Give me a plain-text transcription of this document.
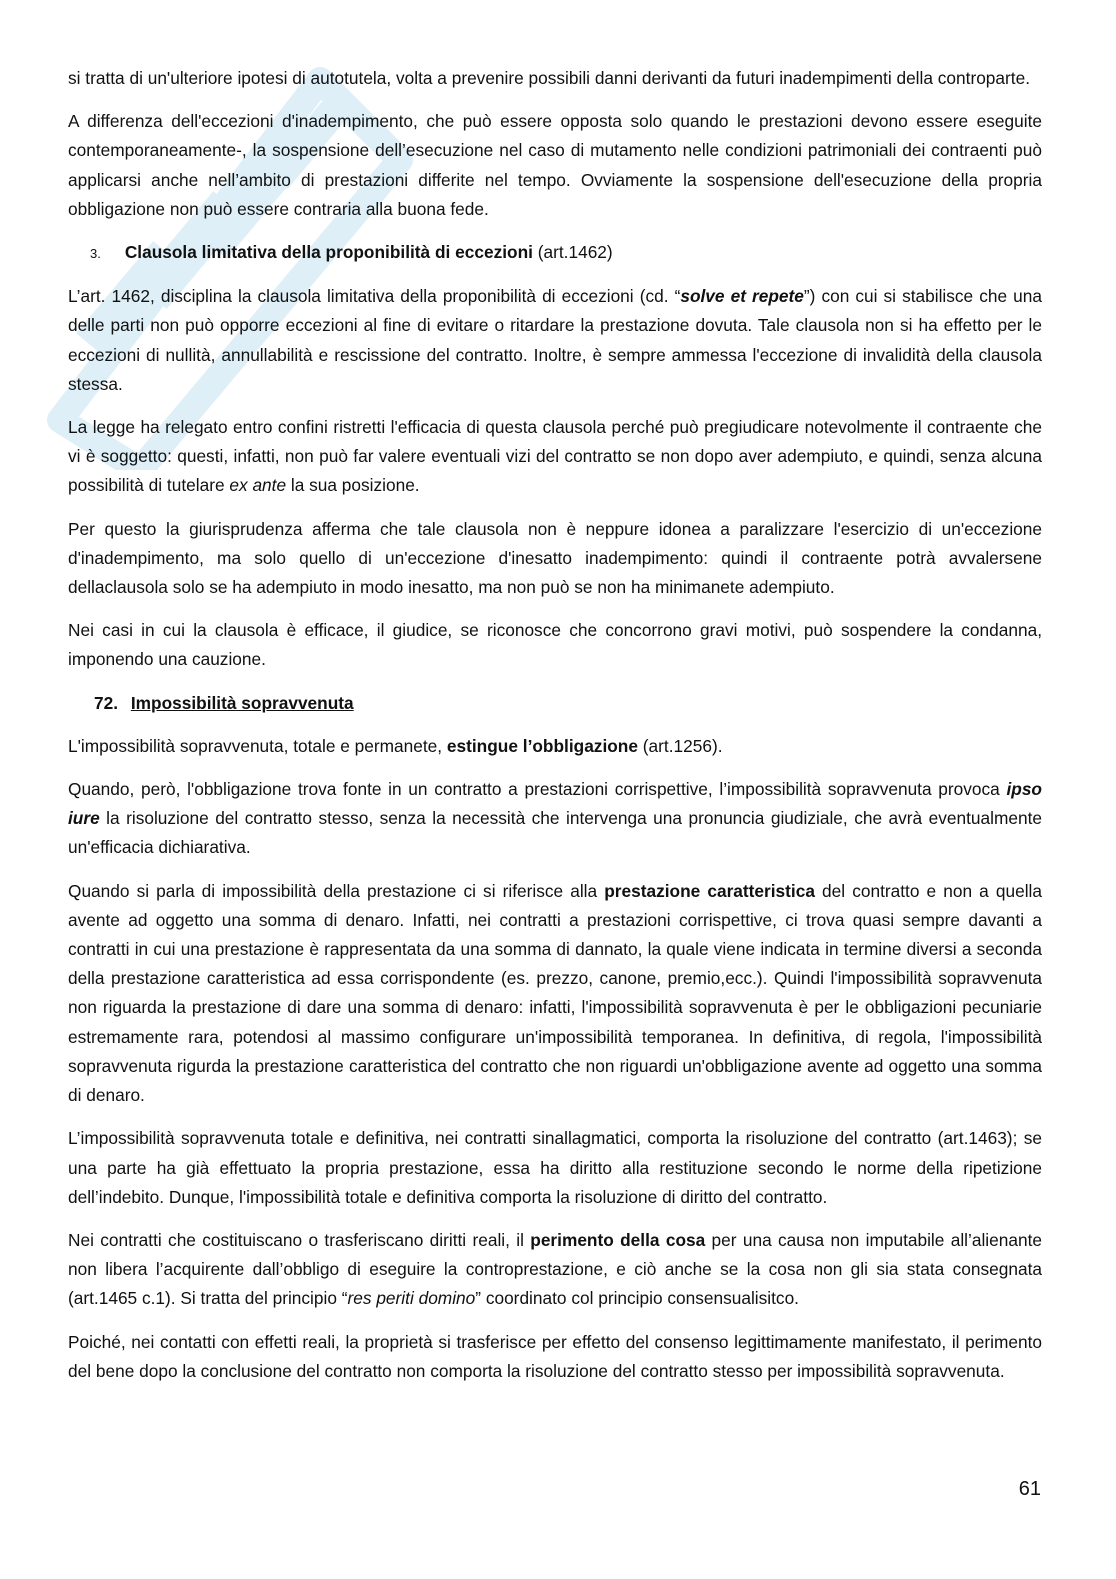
si tratta di un'ulteriore ipotesi di autotutela, volta a prevenire possibili danni derivanti da futuri inadempimenti della controparte.

A differenza dell'eccezioni d'inadempimento, che può essere opposta solo quando le prestazioni devono essere eseguite contemporaneamente-, la sospensione dell’esecuzione nel caso di mutamento nelle condizioni patrimoniali dei contraenti può applicarsi anche nell’ambito di prestazioni differite nel tempo. Ovviamente la sospensione dell'esecuzione della propria obbligazione non può essere contraria alla buona fede.

3. Clausola limitativa della proponibilità di eccezioni (art.1462)

L’art. 1462, disciplina la clausola limitativa della proponibilità di eccezioni (cd. “solve et repete”) con cui si stabilisce che una delle parti non può opporre eccezioni al fine di evitare o ritardare la prestazione dovuta. Tale clausola non si ha effetto per le eccezioni di nullità, annullabilità e rescissione del contratto. Inoltre, è sempre ammessa l'eccezione di invalidità della clausola stessa.

La legge ha relegato entro confini ristretti l'efficacia di questa clausola perché può pregiudicare notevolmente il contraente che vi è soggetto: questi, infatti, non può far valere eventuali vizi del contratto se non dopo aver adempiuto, e quindi, senza alcuna possibilità di tutelare ex ante la sua posizione.

Per questo la giurisprudenza afferma che tale clausola non è neppure idonea a paralizzare l'esercizio di un'eccezione d'inadempimento, ma solo quello di un'eccezione d'inesatto inadempimento: quindi il contraente potrà avvalersene dellaclausola solo se ha adempiuto in modo inesatto, ma non può se non ha minimanete adempiuto.

Nei casi in cui la clausola è efficace, il giudice, se riconosce che concorrono gravi motivi, può sospendere la condanna, imponendo una cauzione.

72. Impossibilità sopravvenuta

L'impossibilità sopravvenuta, totale e permanete, estingue l’obbligazione (art.1256).

Quando, però, l'obbligazione trova fonte in un contratto a prestazioni corrispettive, l’impossibilità sopravvenuta provoca ipso iure la risoluzione del contratto stesso, senza la necessità che intervenga una pronuncia giudiziale, che avrà eventualmente un'efficacia dichiarativa.

Quando si parla di impossibilità della prestazione ci si riferisce alla prestazione caratteristica del contratto e non a quella avente ad oggetto una somma di denaro. Infatti, nei contratti a prestazioni corrispettive, ci trova quasi sempre davanti a contratti in cui una prestazione è rappresentata da una somma di dannato, la quale viene indicata in termine diversi a seconda della prestazione caratteristica ad essa corrispondente (es. prezzo, canone, premio,ecc.). Quindi l'impossibilità sopravvenuta non riguarda la prestazione di dare una somma di denaro: infatti, l'impossibilità sopravvenuta è per le obbligazioni pecuniarie estremamente rara, potendosi al massimo configurare un'impossibilità temporanea. In definitiva, di regola, l'impossibilità sopravvenuta rigurda la prestazione caratteristica del contratto che non riguardi un'obbligazione avente ad oggetto una somma di denaro.

L’impossibilità sopravvenuta totale e definitiva, nei contratti sinallagmatici, comporta la risoluzione del contratto (art.1463); se una parte ha già effettuato la propria prestazione, essa ha diritto alla restituzione secondo le norme della ripetizione dell’indebito. Dunque, l'impossibilità totale e definitiva comporta la risoluzione di diritto del contratto.

Nei contratti che costituiscano o trasferiscano diritti reali, il perimento della cosa per una causa non imputabile all’alienante non libera l’acquirente dall’obbligo di eseguire la controprestazione, e ciò anche se la cosa non gli sia stata consegnata (art.1465 c.1). Si tratta del principio “res periti domino” coordinato col principio consensualisitco.

Poiché, nei contatti con effetti reali, la proprietà si trasferisce per effetto del consenso legittimamente manifestato, il perimento del bene dopo la conclusione del contratto non comporta la risoluzione del contratto stesso per impossibilità sopravvenuta.

61
